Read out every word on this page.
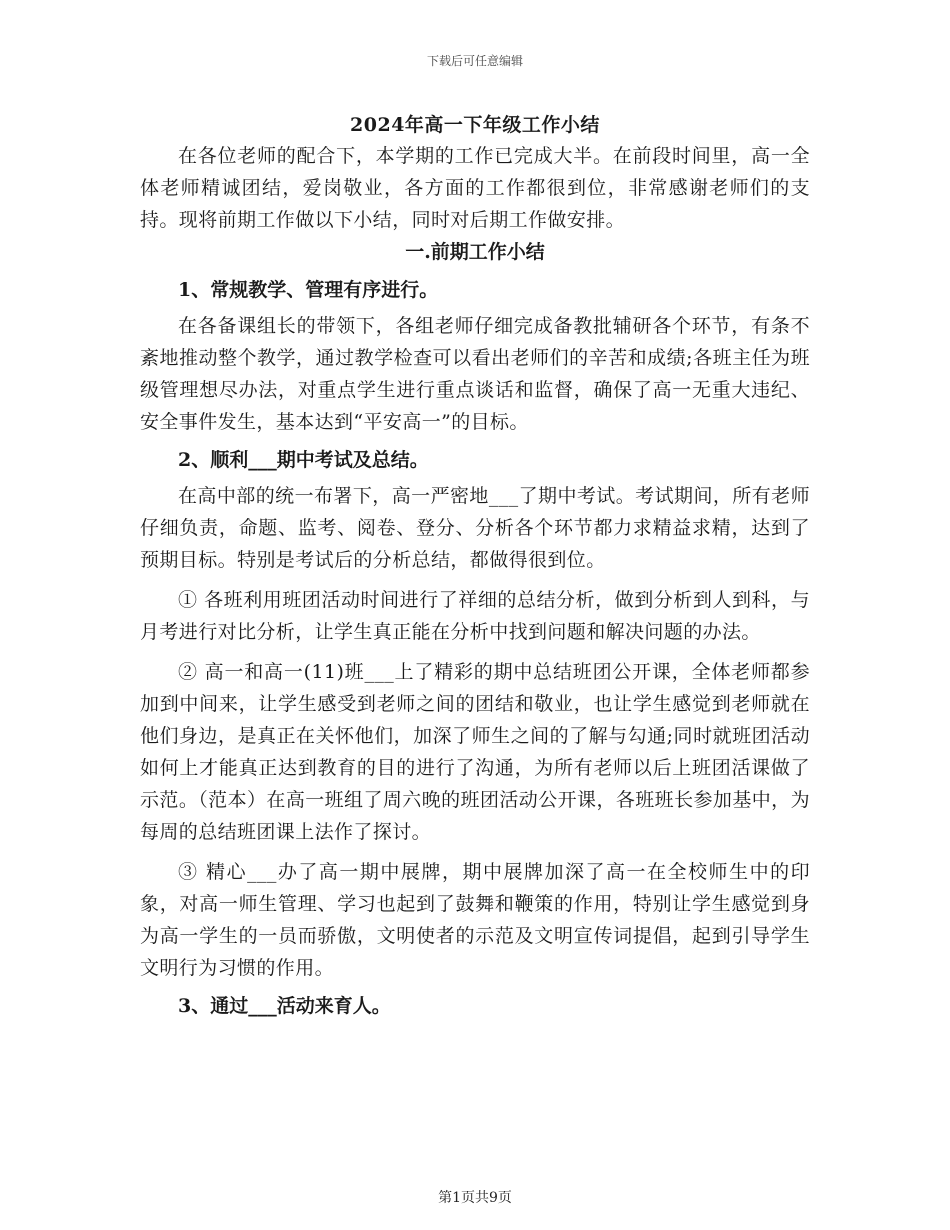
下载后可任意编辑
2024年高一下年级工作小结

在各位老师的配合下，本学期的工作已完成大半。在前段时间里，高一全体老师精诚团结，爱岗敬业，各方面的工作都很到位，非常感谢老师们的支持。现将前期工作做以下小结，同时对后期工作做安排。

一.前期工作小结

1、常规教学、管理有序进行。

在各备课组长的带领下，各组老师仔细完成备教批辅研各个环节，有条不紊地推动整个教学，通过教学检查可以看出老师们的辛苦和成绩;各班主任为班级管理想尽办法，对重点学生进行重点谈话和监督，确保了高一无重大违纪、安全事件发生，基本达到“平安高一”的目标。

2、顺利___期中考试及总结。

在高中部的统一布署下，高一严密地___了期中考试。考试期间，所有老师仔细负责，命题、监考、阅卷、登分、分析各个环节都力求精益求精，达到了预期目标。特别是考试后的分析总结，都做得很到位。

① 各班利用班团活动时间进行了祥细的总结分析，做到分析到人到科，与月考进行对比分析，让学生真正能在分析中找到问题和解决问题的办法。

② 高一和高一(11)班___上了精彩的期中总结班团公开课，全体老师都参加到中间来，让学生感受到老师之间的团结和敬业，也让学生感觉到老师就在他们身边，是真正在关怀他们，加深了师生之间的了解与勾通;同时就班团活动如何上才能真正达到教育的目的进行了沟通，为所有老师以后上班团活课做了示范。（范本）在高一班组了周六晚的班团活动公开课，各班班长参加基中，为每周的总结班团课上法作了探讨。

③ 精心___办了高一期中展牌，期中展牌加深了高一在全校师生中的印象，对高一师生管理、学习也起到了鼓舞和鞭策的作用，特别让学生感觉到身为高一学生的一员而骄傲，文明使者的示范及文明宣传词提倡，起到引导学生文明行为习惯的作用。

3、通过___活动来育人。

第1页共9页
